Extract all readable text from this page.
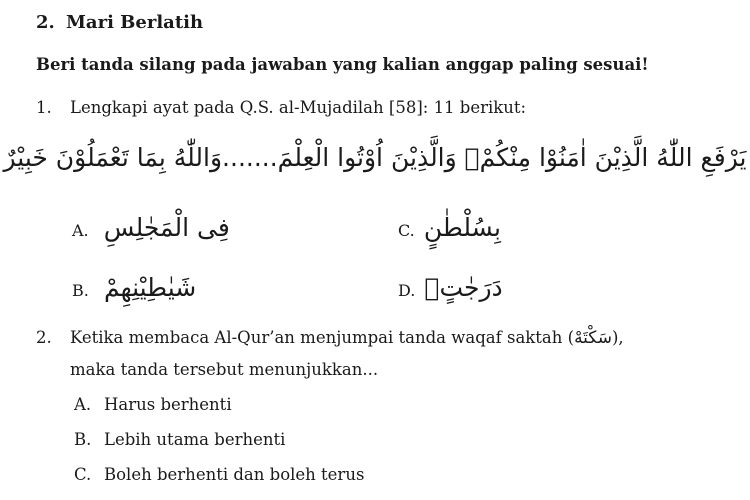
2. Mari Berlatih
Beri tanda silang pada jawaban yang kalian anggap paling sesuai!
1. Lengkapi ayat pada Q.S. al-Mujadilah [58]: 11 berikut:
يَرْفَعِ اللّٰهُ الَّذِيْنَ اٰمَنُوْا مِنْكُمْۙ وَالَّذِيْنَ اُوْتُوا الْعِلْمَ.......وَاللّٰهُ بِمَا تَعْمَلُوْنَ خَبِيْرٌ
A. فِى الْمَجٰلِسِ
B. شَيٰطِيْنِهِمْ
C. بِسُلْطٰنٍ
D. دَرَجٰتٍۗ
2. Ketika membaca Al-Qur’an menjumpai tanda waqaf saktah (سَكْتَهْ),
maka tanda tersebut menunjukkan...
A. Harus berhenti
B. Lebih utama berhenti
C. Boleh berhenti dan boleh terus
